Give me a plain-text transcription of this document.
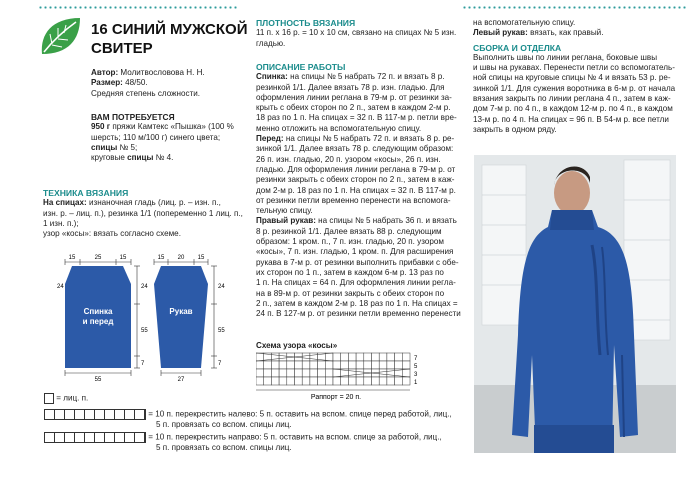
16 СИНИЙ МУЖСКОЙ
СВИТЕР
Автор: Молитвословова Н. Н.
Размер: 48/50.
Средняя степень сложности.
ВАМ ПОТРЕБУЕТСЯ
950 г пряжи Камтекс «Пышка» (100 %
шерсть; 110 м/100 г) синего цвета;
спицы № 5;
круговые спицы № 4.
ТЕХНИКА ВЯЗАНИЯ
На спицах: изнаночная гладь (лиц. р. – изн. п.,
изн. р. – лиц. п.), резинка 1/1 (попеременно 1 лиц. п.,
1 изн. п.);
узор «косы»: вязать согласно схеме.
Спинка
и перед
15	25	15
24
55
7
55
24
Рукав
15 20 15
24
55
7
27
= лиц. п.
= 10 п. перекрестить налево: 5 п. оставить на вспом. спице перед работой, лиц.,
5 п. провязать со вспом. спицы лиц.
= 10 п. перекрестить направо: 5 п. оставить на вспом. спице за работой, лиц.,
5 п. провязать со вспом. спицы лиц.
ПЛОТНОСТЬ ВЯЗАНИЯ
11 п. х 16 р. = 10 х 10 см, связано на спицах № 5 изн.
гладью.
ОПИСАНИЕ РАБОТЫ
Спинка: на спицы № 5 набрать 72 п. и вязать 8 р.
резинкой 1/1. Далее вязать 78 р. изн. гладью. Для
оформления линии реглана в 79-м р. от резинки за-
крыть с обеих сторон по 2 п., затем в каждом 2-м р.
18 раз по 1 п. На спицах = 32 п. В 117-м р. петли вре-
менно отложить на вспомогательную спицу.
Перед: на спицы № 5 набрать 72 п. и вязать 8 р. ре-
зинкой 1/1. Далее вязать 78 р. следующим образом:
26 п. изн. гладью, 20 п. узором «косы», 26 п. изн.
гладью. Для оформления линии реглана в 79-м р. от
резинки закрыть с обеих сторон по 2 п., затем в каж-
дом 2-м р. 18 раз по 1 п. На спицах = 32 п. В 117-м р.
от резинки петли временно перенести на вспомога-
тельную спицу.
Правый рукав: на спицы № 5 набрать 36 п. и вязать
8 р. резинкой 1/1. Далее вязать 88 р. следующим
образом: 1 кром. п., 7 п. изн. гладью, 20 п. узором
«косы», 7 п. изн. гладью, 1 кром. п. Для расширения
рукава в 7-м р. от резинки выполнить прибавки с обе-
их сторон по 1 п., затем в каждом 6-м р. 13 раз по
1 п. На спицах = 64 п. Для оформления линии регла-
на в 89-м р. от резинки закрыть с обеих сторон по
2 п., затем в каждом 2-м р. 18 раз по 1 п. На спицах =
24 п. В 127-м р. от резинки петли временно перенести
Схема узора «косы»
7
5
3
1
Раппорт = 20 п.
на вспомогательную спицу.
Левый рукав: вязать, как правый.
СБОРКА И ОТДЕЛКА
Выполнить швы по линии реглана, боковые швы
и швы на рукавах. Перенести петли со вспомогатель-
ной спицы на круговые спицы № 4 и вязать 53 р. ре-
зинкой 1/1. Для сужения воротника в 6-м р. от начала
вязания закрыть по линии реглана 4 п., затем в каж-
дом 7-м р. по 4 п., в каждом 12-м р. по 4 п., в каждом
13-м р. по 4 п. На спицах = 96 п. В 54-м р. все петли
закрыть в одном ряду.
